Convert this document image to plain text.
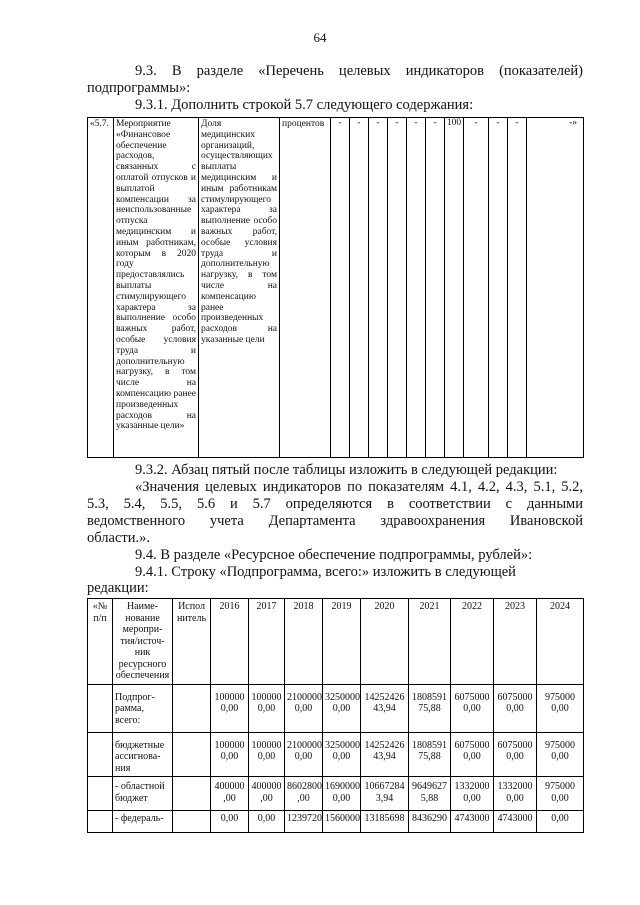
64

9.3. В разделе «Перечень целевых индикаторов (показателей)

подпрограммы»:

9.3.1. Дополнить строкой 5.7 следующего содержания:

«5.7.	Мероприятие «Финансовое обеспечение расходов, связанных с оплатой отпусков и выплатой компенсации за неиспользованные отпуска медицинским и иным работникам, которым в 2020 году предоставлялись выплаты стимулирующего характера за выполнение особо важных работ, особые условия труда и дополнительную нагрузку, в том числе на компенсацию ранее произведенных расходов на указанные цели»	Доля медицинских организаций, осуществляющих выплаты медицинским и иным работникам стимулирующего характера за выполнение особо важных работ, особые условия труда и дополнительную нагрузку, в том числе на компенсацию ранее произведенных расходов на указанные цели	процентов	-	-	-	-	-	-	100	-	-	-	-»

9.3.2. Абзац пятый после таблицы изложить в следующей редакции:

«Значения целевых индикаторов по показателям 4.1, 4.2, 4.3, 5.1, 5.2,

5.3, 5.4, 5.5, 5.6 и 5.7 определяются в соответствии с данными

ведомственного учета Департамента здравоохранения Ивановской

области.».

9.4. В разделе «Ресурсное обеспечение подпрограммы, рублей»:

9.4.1. Строку «Подпрограмма, всего:» изложить в следующей

редакции:

«№ п/п	Наиме-нование меропри-тия/источ-ник ресурсного обеспечения	Испол нитель	2016	2017	2018	2019	2020	2021	2022	2023	2024
	Подпрог-рамма, всего:		100000 0,00	100000 0,00	2100000 0,00	3250000 0,00	14252426 43,94	1808591 75,88	6075000 0,00	6075000 0,00	975000 0,00
	бюджетные ассигнова-ния		100000 0,00	100000 0,00	2100000 0,00	3250000 0,00	14252426 43,94	1808591 75,88	6075000 0,00	6075000 0,00	975000 0,00
	- областной бюджет		400000 ,00	400000 ,00	8602800 ,00	1690000 0,00	10667284 3,94	9649627 5,88	1332000 0,00	1332000 0,00	975000 0,00
	- федераль-		0,00	0,00	1239720	1560000	13185698	8436290	4743000	4743000	0,00
